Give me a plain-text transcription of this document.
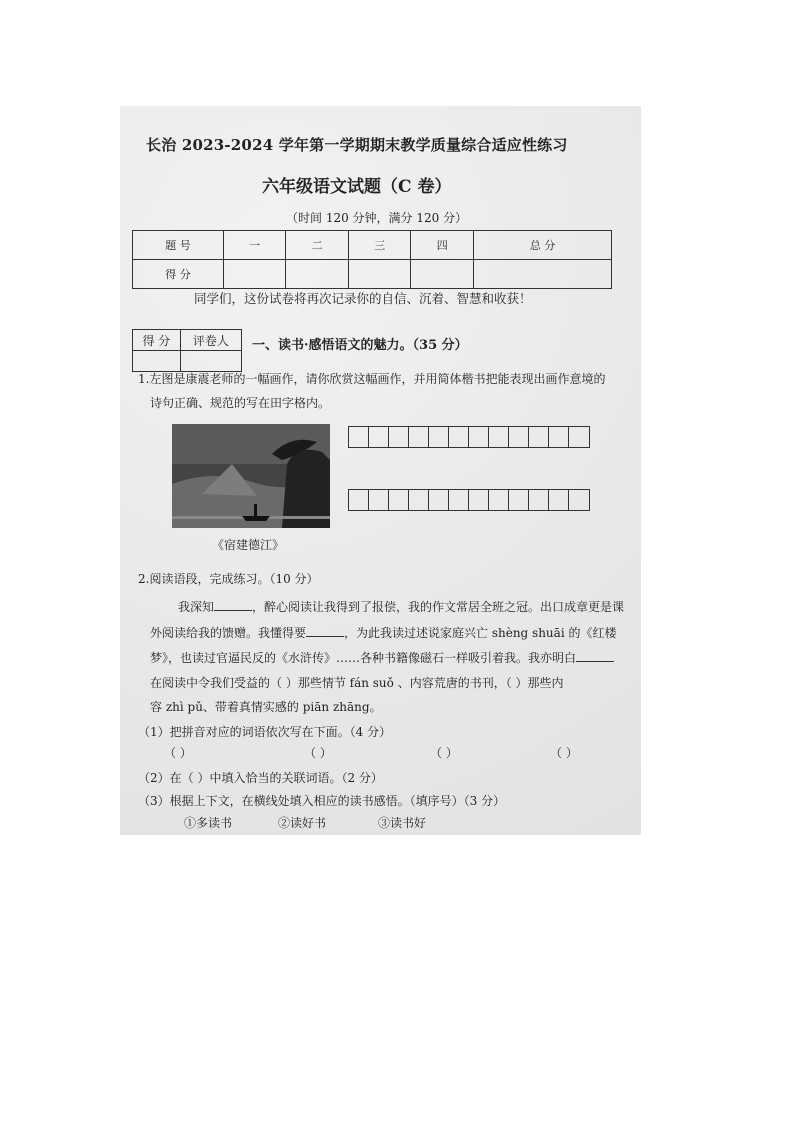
长治 2023-2024 学年第一学期期末教学质量综合适应性练习
六年级语文试题（C 卷）
（时间 120 分钟，满分 120 分）
题 号	一	二	三	四	总 分
得 分					
同学们，这份试卷将再次记录你的自信、沉着、智慧和收获！
得 分	评卷人
	一、读书·感悟语文的魅力。（35 分）
1.左图是康震老师的一幅画作，请你欣赏这幅画作，并用简体楷书把能表现出画作意境的
诗句正确、规范的写在田字格内。
《宿建德江》
2.阅读语段，完成练习。（10 分）
我深知	，醉心阅读让我得到了报偿，我的作文常居全班之冠。出口成章更是课
外阅读给我的馈赠。我懂得要	，为此我读过述说家庭兴亡 shèng shuāi 的《红楼
梦》，也读过官逼民反的《水浒传》……各种书籍像磁石一样吸引着我。我亦明白
在阅读中令我们受益的（ ）那些情节 fán suǒ 、内容荒唐的书刊，（ ）那些内
容 zhì pǔ、带着真情实感的 piān zhāng。
（1）把拼音对应的词语依次写在下面。（4 分）
（ ）	（ ）	（ ）	（ ）
（2）在（ ）中填入恰当的关联词语。（2 分）
（3）根据上下文，在横线处填入相应的读书感悟。（填序号）（3 分）
①多读书	②读好书	③读书好
